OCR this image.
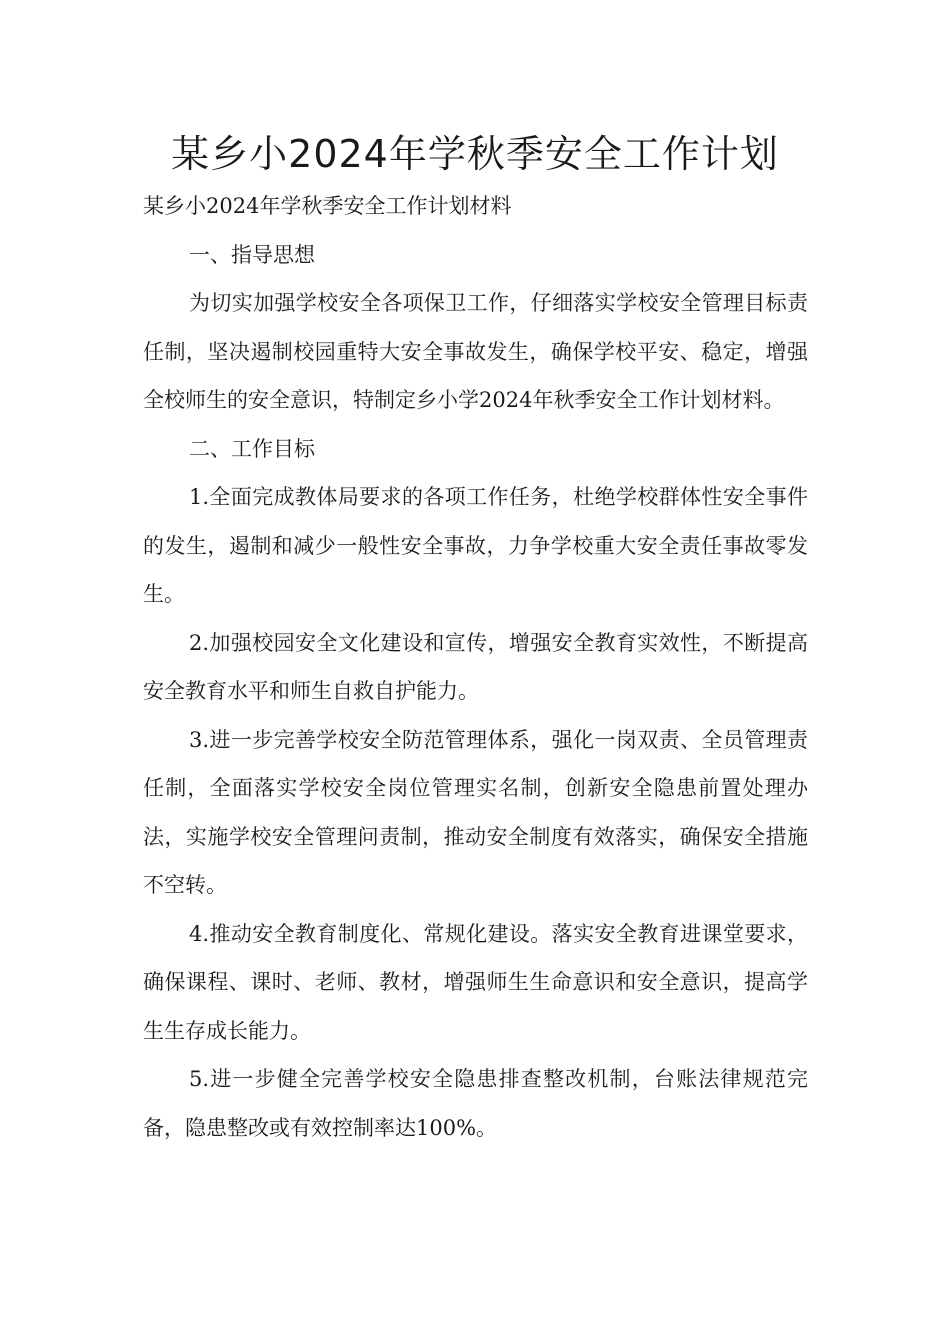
某乡小2024年学秋季安全工作计划

某乡小2024年学秋季安全工作计划材料

一、指导思想

为切实加强学校安全各项保卫工作，仔细落实学校安全管理目标责任制，坚决遏制校园重特大安全事故发生，确保学校平安、稳定，增强全校师生的安全意识，特制定乡小学2024年秋季安全工作计划材料。

二、工作目标

1.全面完成教体局要求的各项工作任务，杜绝学校群体性安全事件的发生，遏制和减少一般性安全事故，力争学校重大安全责任事故零发生。

2.加强校园安全文化建设和宣传，增强安全教育实效性，不断提高安全教育水平和师生自救自护能力。

3.进一步完善学校安全防范管理体系，强化一岗双责、全员管理责任制，全面落实学校安全岗位管理实名制，创新安全隐患前置处理办法，实施学校安全管理问责制，推动安全制度有效落实，确保安全措施不空转。

4.推动安全教育制度化、常规化建设。落实安全教育进课堂要求，确保课程、课时、老师、教材，增强师生生命意识和安全意识，提高学生生存成长能力。

5.进一步健全完善学校安全隐患排查整改机制，台账法律规范完备，隐患整改或有效控制率达100%。
